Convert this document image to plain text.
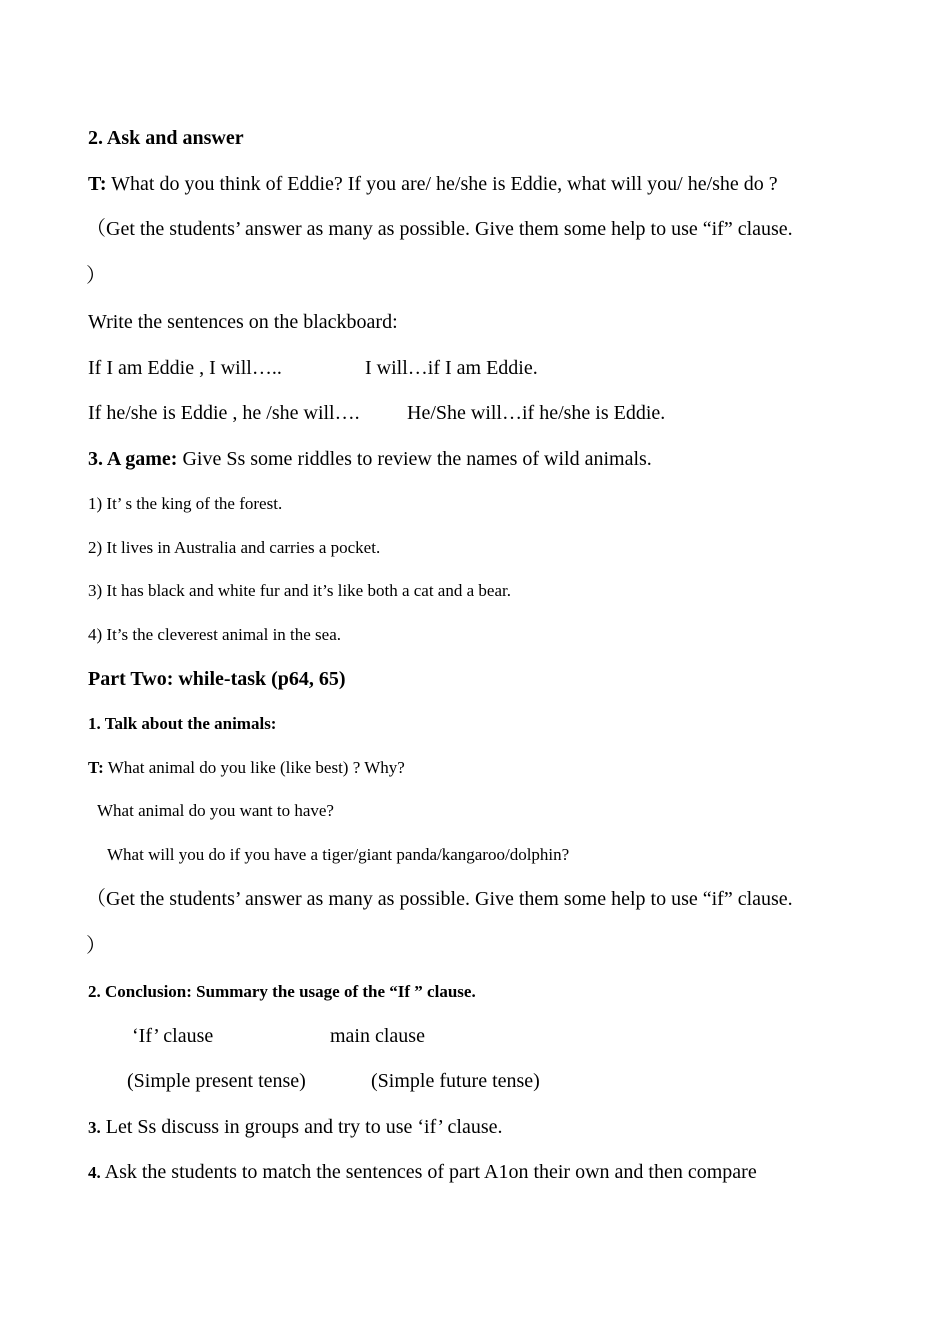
2. Ask and answer
T: What do you think of Eddie? If you are/ he/she is Eddie, what will you/ he/she do ?
（Get the students’ answer as many as possible. Give them some help to use “if” clause.
）
Write the sentences on the blackboard:
If I am Eddie , I will…..	I will…if I am Eddie.
If he/she is Eddie , he /she will…. He/She will…if he/she is Eddie.
3. A game: Give Ss some riddles to review the names of wild animals.
1) It’ s the king of the forest.
2) It lives in Australia and carries a pocket.
3) It has black and white fur and it’s like both a cat and a bear.
4) It’s the cleverest animal in the sea.
Part Two: while-task (p64, 65)
1. Talk about the animals:
T: What animal do you like (like best) ? Why?
What animal do you want to have?
What will you do if you have a tiger/giant panda/kangaroo/dolphin?
（Get the students’ answer as many as possible. Give them some help to use “if” clause.
）
2. Conclusion: Summary the usage of the “If ” clause.
‘If’ clause	main clause
(Simple present tense)	(Simple future tense)
3. Let Ss discuss in groups and try to use ‘if’ clause.
4. Ask the students to match the sentences of part A1on their own and then compare
